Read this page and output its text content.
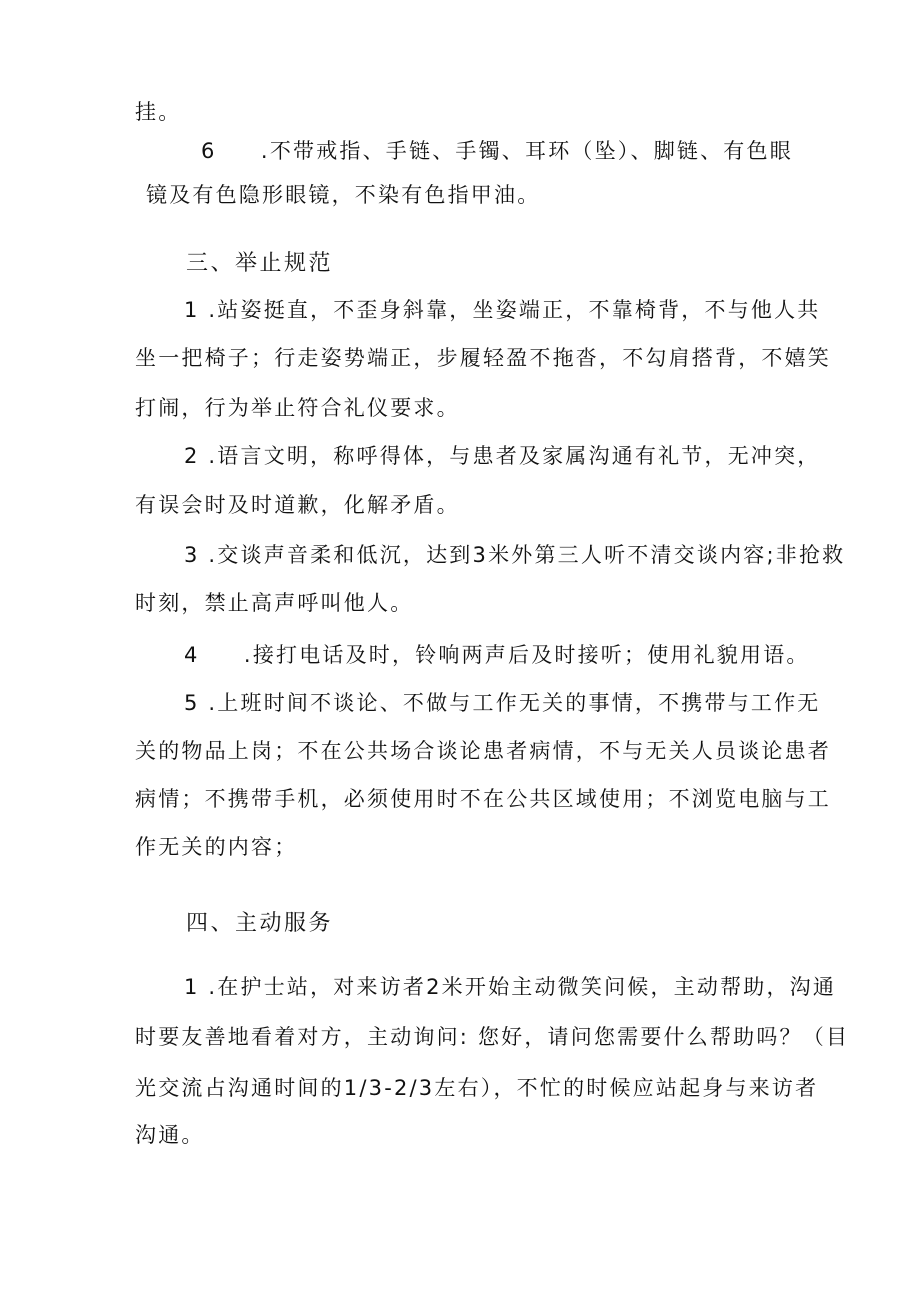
挂。
6     .不带戒指、手链、手镯、耳环（坠）、脚链、有色眼
镜及有色隐形眼镜，不染有色指甲油。
三、举止规范
1 .站姿挺直，不歪身斜靠，坐姿端正，不靠椅背，不与他人共
坐一把椅子；行走姿势端正，步履轻盈不拖沓，不勾肩搭背，不嬉笑
打闹，行为举止符合礼仪要求。
2 .语言文明，称呼得体，与患者及家属沟通有礼节，无冲突，
有误会时及时道歉，化解矛盾。
3 .交谈声音柔和低沉，达到3米外第三人听不清交谈内容;非抢救
时刻，禁止高声呼叫他人。
4     .接打电话及时，铃响两声后及时接听；使用礼貌用语。
5 .上班时间不谈论、不做与工作无关的事情，不携带与工作无
关的物品上岗；不在公共场合谈论患者病情，不与无关人员谈论患者
病情；不携带手机，必须使用时不在公共区域使用；不浏览电脑与工
作无关的内容；
四、主动服务
1 .在护士站，对来访者2米开始主动微笑问候，主动帮助，沟通
时要友善地看着对方，主动询问: 您好，请问您需要什么帮助吗？（目
光交流占沟通时间的1/3-2/3左右），不忙的时候应站起身与来访者
沟通。
